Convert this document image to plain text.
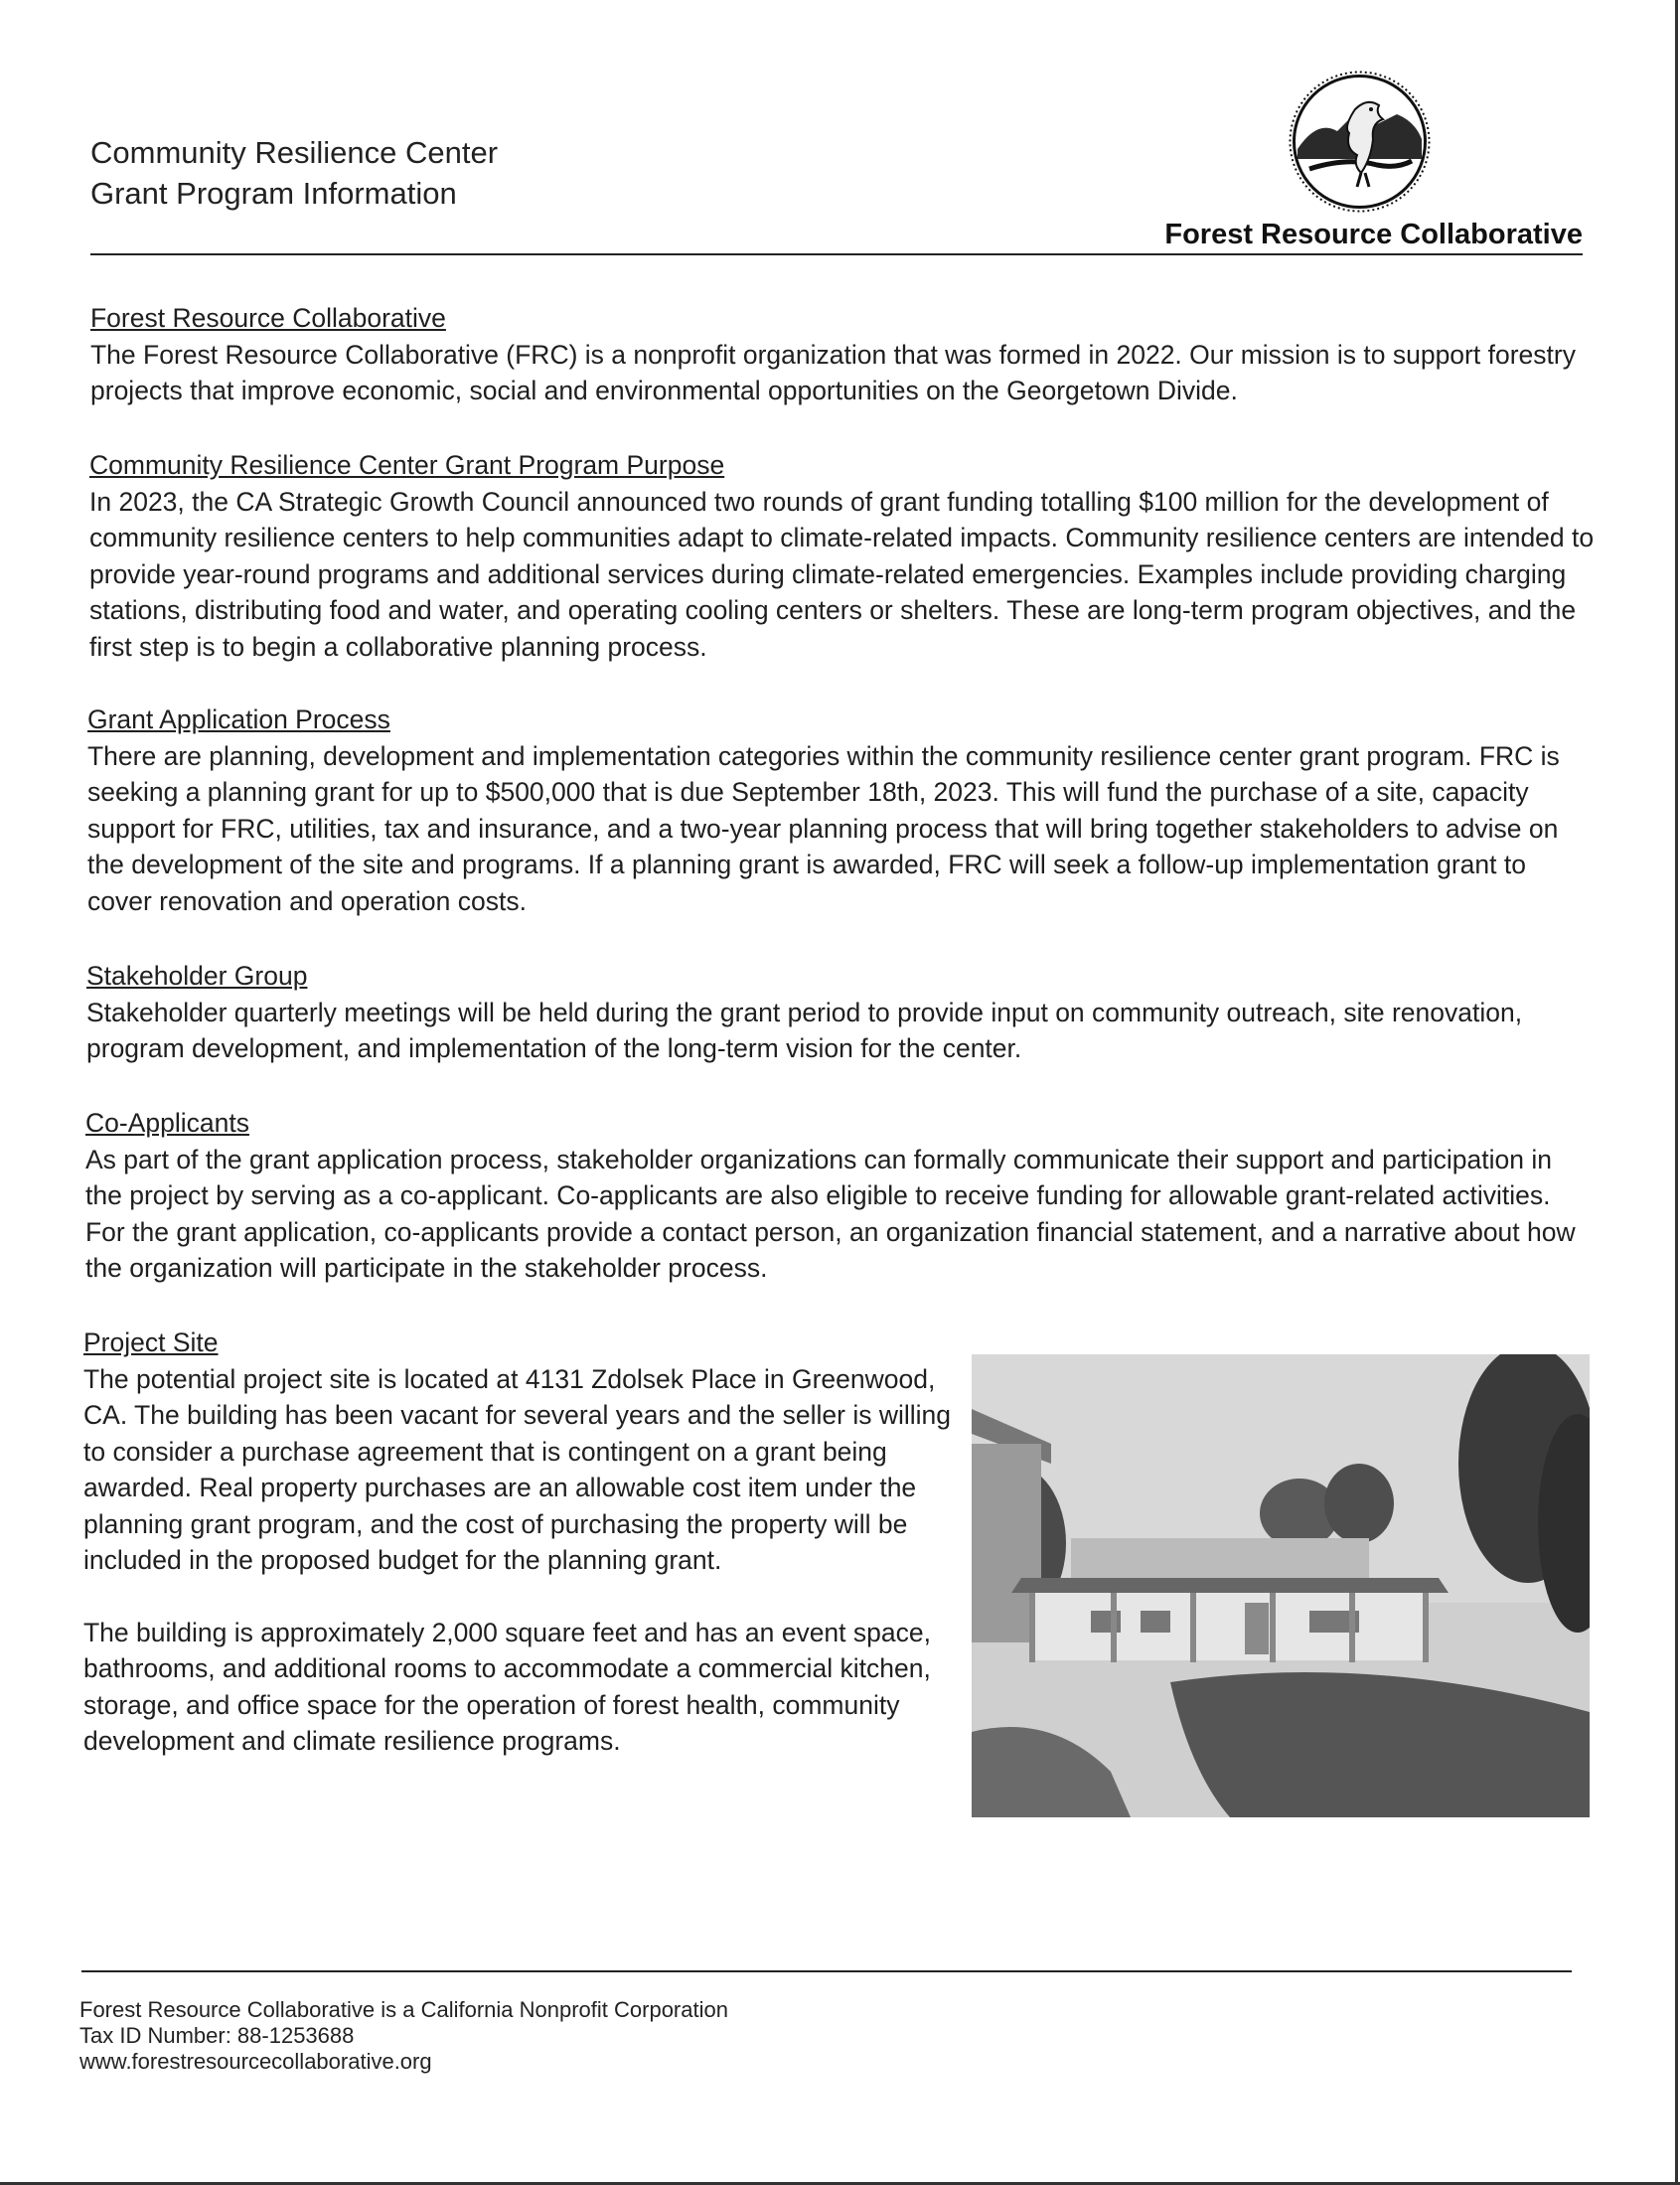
Community Resilience Center
Grant Program Information
Forest Resource Collaborative
Forest Resource Collaborative

The Forest Resource Collaborative (FRC) is a nonprofit organization that was formed in 2022. Our mission is to support forestry projects that improve economic, social and environmental opportunities on the Georgetown Divide.

Community Resilience Center Grant Program Purpose

In 2023, the CA Strategic Growth Council announced two rounds of grant funding totalling $100 million for the development of community resilience centers to help communities adapt to climate-related impacts. Community resilience centers are intended to provide year-round programs and additional services during climate-related emergencies. Examples include providing charging stations, distributing food and water, and operating cooling centers or shelters. These are long-term program objectives, and the first step is to begin a collaborative planning process.

Grant Application Process

There are planning, development and implementation categories within the community resilience center grant program. FRC is seeking a planning grant for up to $500,000 that is due September 18th, 2023. This will fund the purchase of a site, capacity support for FRC, utilities, tax and insurance, and a two-year planning process that will bring together stakeholders to advise on the development of the site and programs. If a planning grant is awarded, FRC will seek a follow-up implementation grant to cover renovation and operation costs.

Stakeholder Group

Stakeholder quarterly meetings will be held during the grant period to provide input on community outreach, site renovation, program development, and implementation of the long-term vision for the center.

Co-Applicants

As part of the grant application process, stakeholder organizations can formally communicate their support and participation in the project by serving as a co-applicant. Co-applicants are also eligible to receive funding for allowable grant-related activities. For the grant application, co-applicants provide a contact person, an organization financial statement, and a narrative about how the organization will participate in the stakeholder process.

Project Site

The potential project site is located at 4131 Zdolsek Place in Greenwood, CA. The building has been vacant for several years and the seller is willing to consider a purchase agreement that is contingent on a grant being awarded. Real property purchases are an allowable cost item under the planning grant program, and the cost of purchasing the property will be included in the proposed budget for the planning grant.

The building is approximately 2,000 square feet and has an event space, bathrooms, and additional rooms to accommodate a commercial kitchen, storage, and office space for the operation of forest health, community development and climate resilience programs.

Forest Resource Collaborative is a California Nonprofit Corporation
Tax ID Number: 88-1253688
www.forestresourcecollaborative.org
